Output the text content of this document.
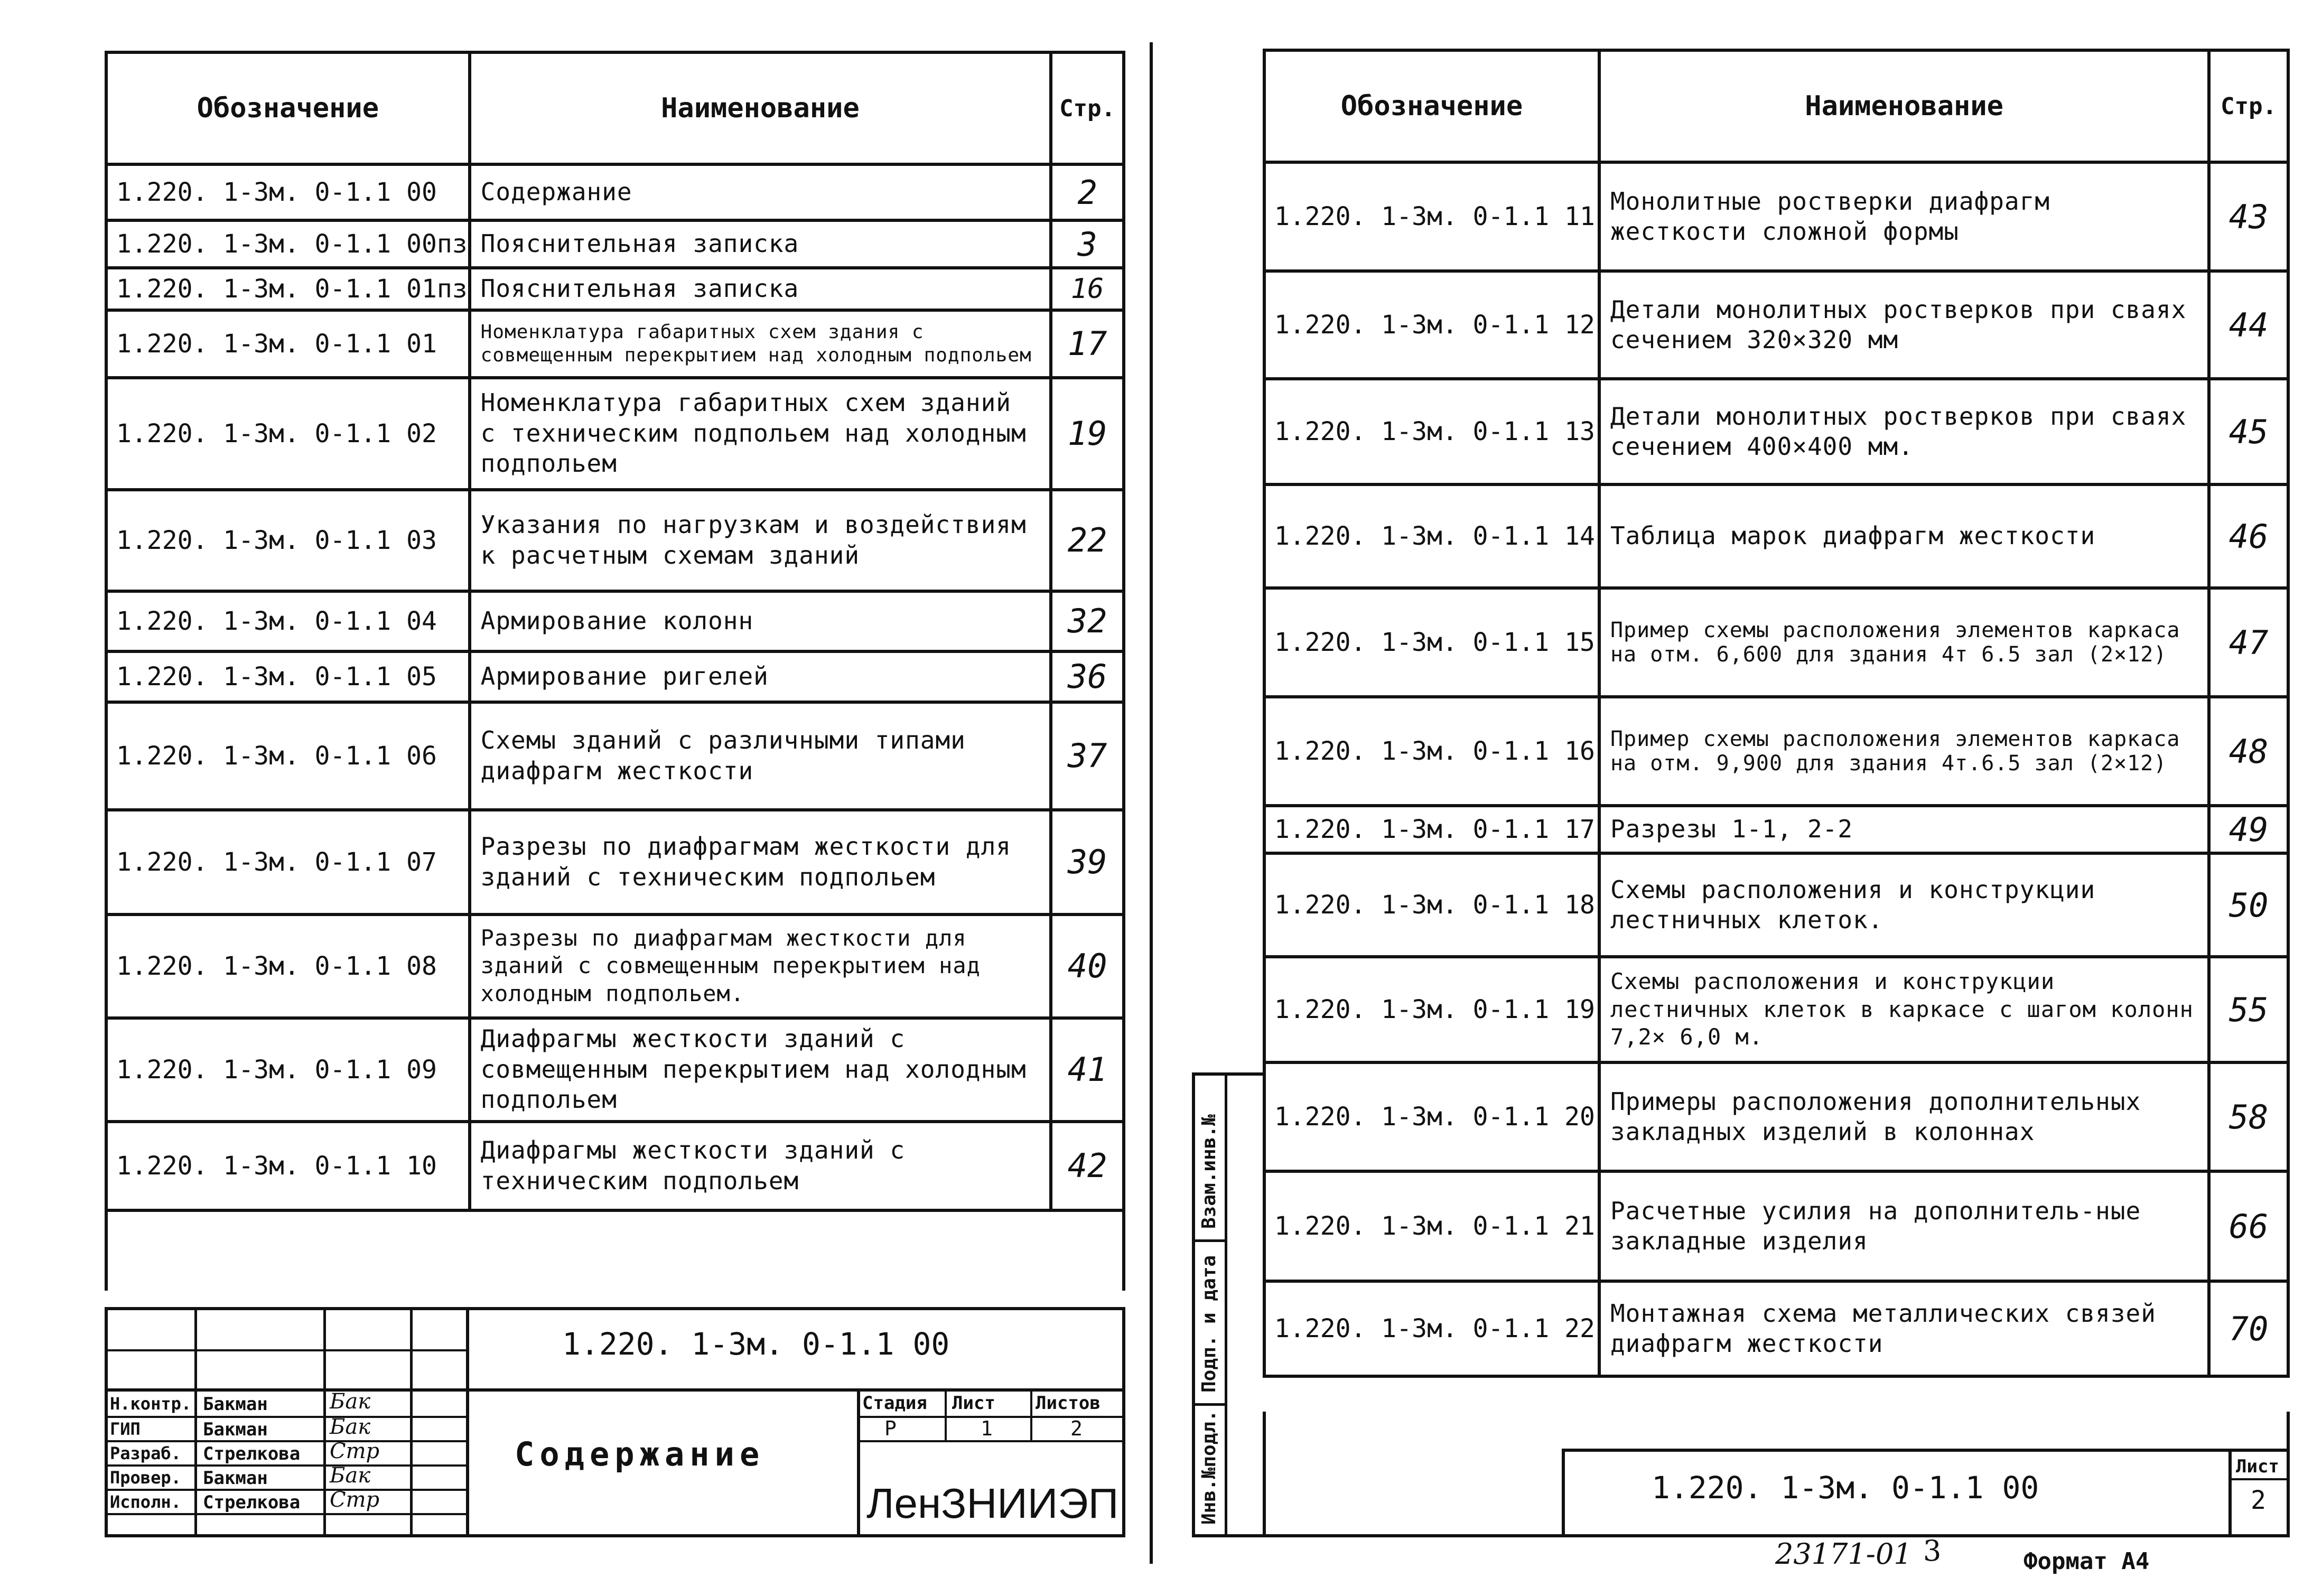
Обозначение	Наименование	Стр.
1.220. 1-3м. 0-1.1 00	Содержание	2
1.220. 1-3м. 0-1.1 00пз	Пояснительная записка	3
1.220. 1-3м. 0-1.1 01пз	Пояснительная записка	16
1.220. 1-3м. 0-1.1 01	Номенклатура габаритных схем здания с совмещенным перекрытием над холодным подпольем	17
1.220. 1-3м. 0-1.1 02	Номенклатура габаритных схем зданий с техническим подпольем над холодным подпольем	19
1.220. 1-3м. 0-1.1 03	Указания по нагрузкам и воздействиям к расчетным схемам зданий	22
1.220. 1-3м. 0-1.1 04	Армирование колонн	32
1.220. 1-3м. 0-1.1 05	Армирование ригелей	36
1.220. 1-3м. 0-1.1 06	Схемы зданий с различными типами диафрагм жесткости	37
1.220. 1-3м. 0-1.1 07	Разрезы по диафрагмам жесткости для зданий с техническим подпольем	39
1.220. 1-3м. 0-1.1 08	Разрезы по диафрагмам жесткости для зданий с совмещенным перекрытием над холодным подпольем.	40
1.220. 1-3м. 0-1.1 09	Диафрагмы жесткости зданий с совмещенным перекрытием над холодным подпольем	41
1.220. 1-3м. 0-1.1 10	Диафрагмы жесткости зданий с техническим подпольем	42

1.220. 1-3м. 0-1.1 00
Н.контр. Бакман	Бак
ГИП	Бакман	Бак
Разраб. Стрелкова Стр
Провер. Бакман	Бак
Исполн. Стрелкова Стр
Содержание
Стадия Лист Листов
Р	1	2
ЛенЗНИИЭП	Инв.№подл.
Подп. и дата
Взам.инв.№
Обозначение	Наименование	Стр.
1.220. 1-3м. 0-1.1 11	Монолитные ростверки диафрагм жесткости сложной формы	43
1.220. 1-3м. 0-1.1 12	Детали монолитных ростверков при сваях сечением 320×320 мм	44
1.220. 1-3м. 0-1.1 13	Детали монолитных ростверков при сваях сечением 400×400 мм.	45
1.220. 1-3м. 0-1.1 14	Таблица марок диафрагм жесткости	46
1.220. 1-3м. 0-1.1 15	Пример схемы расположения элементов каркаса на отм. 6,600 для здания 4т 6.5 зал (2×12)	47
1.220. 1-3м. 0-1.1 16	Пример схемы расположения элементов каркаса на отм. 9,900 для здания 4т.6.5 зал (2×12)	48
1.220. 1-3м. 0-1.1 17	Разрезы 1-1, 2-2	49
1.220. 1-3м. 0-1.1 18	Схемы расположения и конструкции лестничных клеток.	50
1.220. 1-3м. 0-1.1 19	Схемы расположения и конструкции лестничных клеток в каркасе с шагом колонн 7,2× 6,0 м.	55
1.220. 1-3м. 0-1.1 20	Примеры расположения дополнительных закладных изделий в колоннах	58
1.220. 1-3м. 0-1.1 21	Расчетные усилия на дополнитель-ные закладные изделия	66
1.220. 1-3м. 0-1.1 22	Монтажная схема металлических связей диафрагм жесткости	70
1.220. 1-3м. 0-1.1 00
Лист
2
23171-01 3	Формат А4
